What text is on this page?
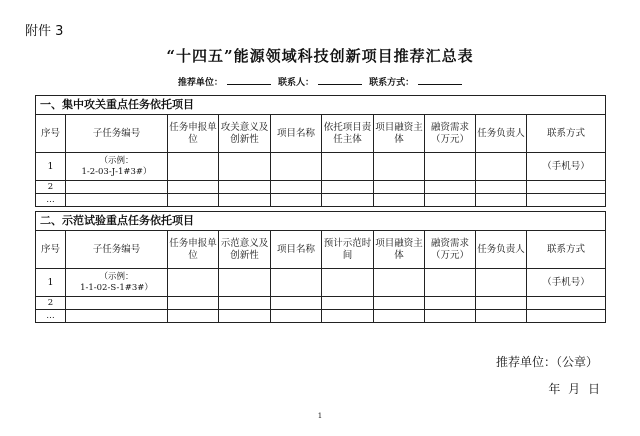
附件 3
“十四五”能源领域科技创新项目推荐汇总表
推荐单位：	联系人：	联系方式：
一、集中攻关重点任务依托项目									
序号	子任务编号	任务申报单位	攻关意义及创新性	项目名称	依托项目责任主体	项目融资主体	融资需求（万元）	任务负责人	联系方式
1	（示例：
1-2-03-J-1#3#）								（手机号）
2									
…									
二、示范试验重点任务依托项目									
序号	子任务编号	任务申报单位	示范意义及创新性	项目名称	预计示范时间	项目融资主体	融资需求（万元）	任务负责人	联系方式
1	（示例：
1-1-02-S-1#3#）								（手机号）
2									
…									
推荐单位：（公章）
年 月 日
1
